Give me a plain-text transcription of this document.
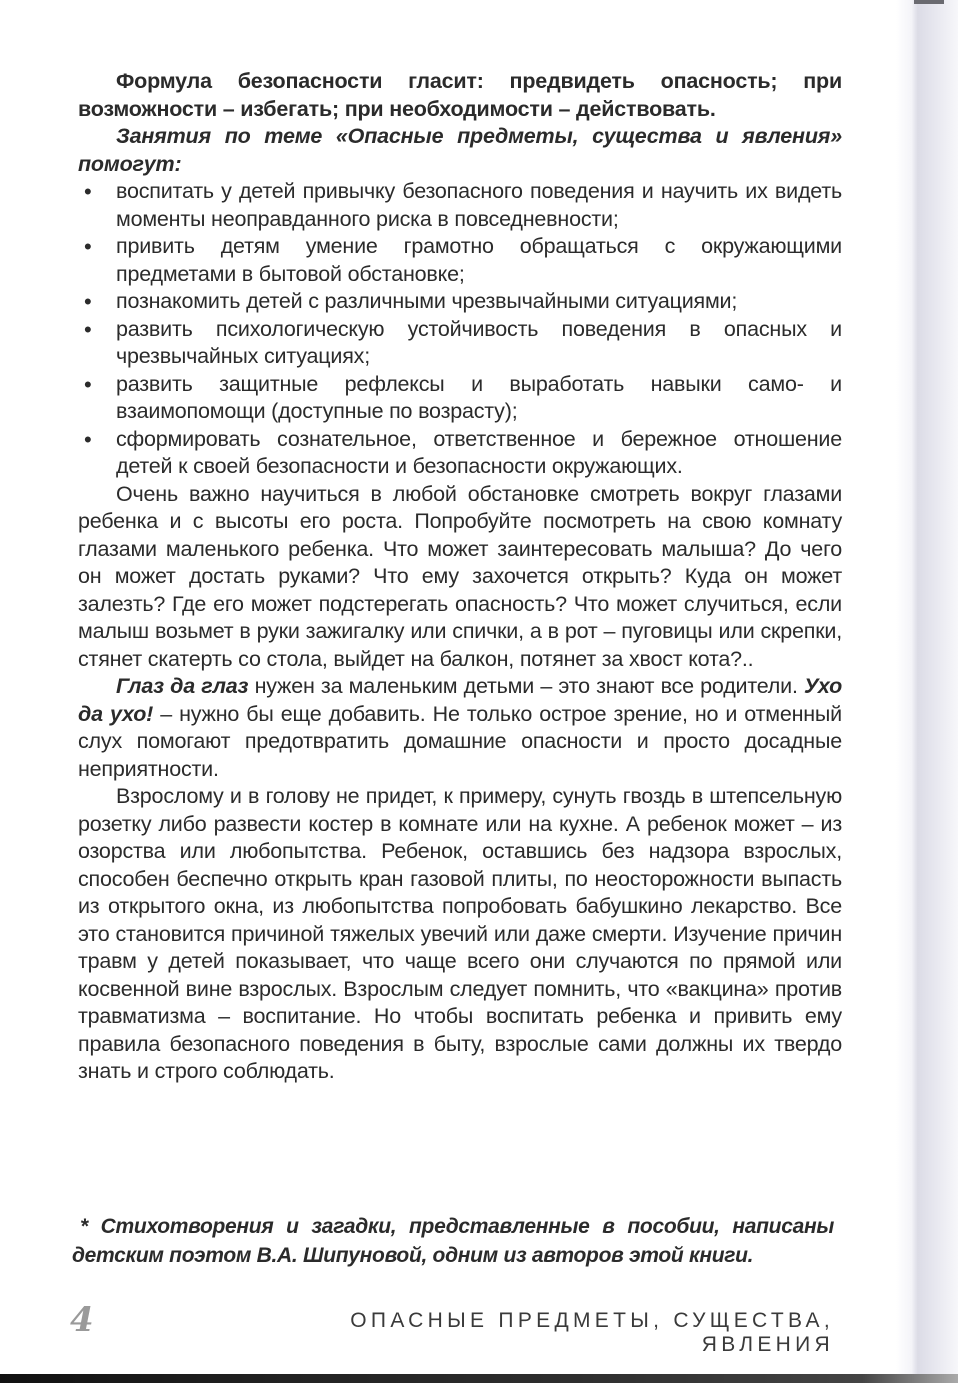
Формула безопасности гласит: предвидеть опасность; при возможности – избегать; при необходимости – действовать.

Занятия по теме «Опасные предметы, существа и явления» помогут:

• воспитать у детей привычку безопасного поведения и научить их видеть моменты неоправданного риска в повседневности;
• привить детям умение грамотно обращаться с окружающими предметами в бытовой обстановке;
• познакомить детей с различными чрезвычайными ситуациями;
• развить психологическую устойчивость поведения в опасных и чрезвычайных ситуациях;
• развить защитные рефлексы и выработать навыки само- и взаимопомощи (доступные по возрасту);
• сформировать сознательное, ответственное и бережное отношение детей к своей безопасности и безопасности окружающих.

Очень важно научиться в любой обстановке смотреть вокруг глазами ребенка и с высоты его роста. Попробуйте посмотреть на свою комнату глазами маленького ребенка. Что может заинтересовать малыша? До чего он может достать руками? Что ему захочется открыть? Куда он может залезть? Где его может подстерегать опасность? Что может случиться, если малыш возьмет в руки зажигалку или спички, а в рот – пуговицы или скрепки, стянет скатерть со стола, выйдет на балкон, потянет за хвост кота?..

Глаз да глаз нужен за маленьким детьми – это знают все родители. Ухо да ухо! – нужно бы еще добавить. Не только острое зрение, но и отменный слух помогают предотвратить домашние опасности и просто досадные неприятности.

Взрослому и в голову не придет, к примеру, сунуть гвоздь в штепсельную розетку либо развести костер в комнате или на кухне. А ребенок может – из озорства или любопытства. Ребенок, оставшись без надзора взрослых, способен беспечно открыть кран газовой плиты, по неосторожности выпасть из открытого окна, из любопытства попробовать бабушкино лекарство. Все это становится причиной тяжелых увечий или даже смерти. Изучение причин травм у детей показывает, что чаще всего они случаются по прямой или косвенной вине взрослых. Взрослым следует помнить, что «вакцина» против травматизма – воспитание. Но чтобы воспитать ребенка и привить ему правила безопасного поведения в быту, взрослые сами должны их твердо знать и строго соблюдать.

* Стихотворения и загадки, представленные в пособии, написаны детским поэтом В.А. Шипуновой, одним из авторов этой книги.
4	ОПАСНЫЕ ПРЕДМЕТЫ, СУЩЕСТВА, ЯВЛЕНИЯ
